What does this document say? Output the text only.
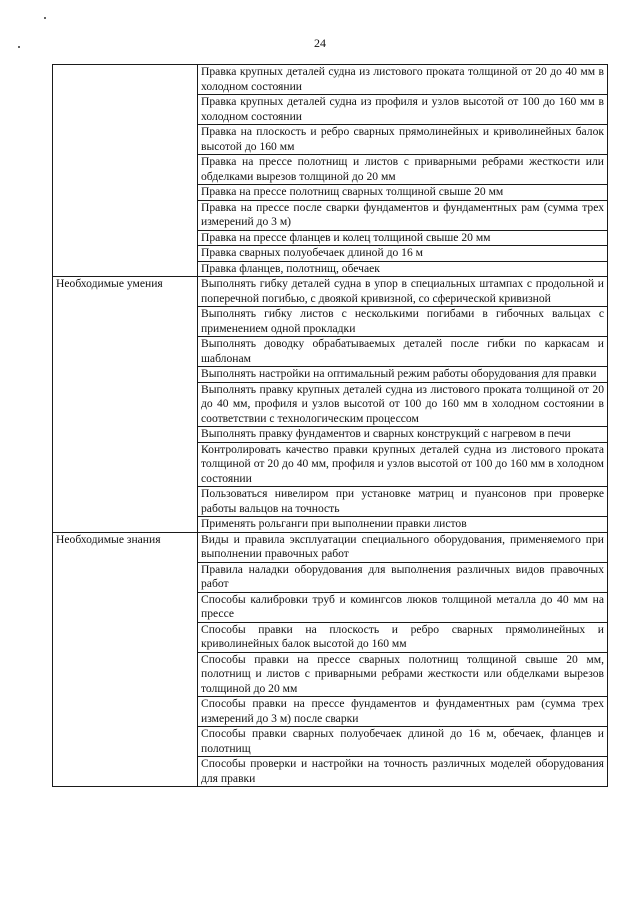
24
	Правка крупных деталей судна из листового проката толщиной от 20 до 40 мм в холодном состоянии
	Правка крупных деталей судна из профиля и узлов высотой от 100 до 160 мм в холодном состоянии
	Правка на плоскость и ребро сварных прямолинейных и криволинейных балок высотой до 160 мм
	Правка на прессе полотнищ и листов с приварными ребрами жесткости или обделками вырезов толщиной до 20 мм
	Правка на прессе полотнищ сварных толщиной свыше 20 мм
	Правка на прессе после сварки фундаментов и фундаментных рам (сумма трех измерений до 3 м)
	Правка на прессе фланцев и колец толщиной свыше 20 мм
	Правка сварных полуобечаек длиной до 16 м
	Правка фланцев, полотнищ, обечаек
Необходимые умения	Выполнять гибку деталей судна в упор в специальных штампах с продольной и поперечной погибью, с двоякой кривизной, со сферической кривизной
	Выполнять гибку листов с несколькими погибами в гибочных вальцах с применением одной прокладки
	Выполнять доводку обрабатываемых деталей после гибки по каркасам и шаблонам
	Выполнять настройки на оптимальный режим работы оборудования для правки
	Выполнять правку крупных деталей судна из листового проката толщиной от 20 до 40 мм, профиля и узлов высотой от 100 до 160 мм в холодном состоянии в соответствии с технологическим процессом
	Выполнять правку фундаментов и сварных конструкций с нагревом в печи
	Контролировать качество правки крупных деталей судна из листового проката толщиной от 20 до 40 мм, профиля и узлов высотой от 100 до 160 мм в холодном состоянии
	Пользоваться нивелиром при установке матриц и пуансонов при проверке работы вальцов на точность
	Применять рольганги при выполнении правки листов
Необходимые знания	Виды и правила эксплуатации специального оборудования, применяемого при выполнении правочных работ
	Правила наладки оборудования для выполнения различных видов правочных работ
	Способы калибровки труб и комингсов люков толщиной металла до 40 мм на прессе
	Способы правки на плоскость и ребро сварных прямолинейных и криволинейных балок высотой до 160 мм
	Способы правки на прессе сварных полотнищ толщиной свыше 20 мм, полотнищ и листов с приварными ребрами жесткости или обделками вырезов толщиной до 20 мм
	Способы правки на прессе фундаментов и фундаментных рам (сумма трех измерений до 3 м) после сварки
	Способы правки сварных полуобечаек длиной до 16 м, обечаек, фланцев и полотнищ
	Способы проверки и настройки на точность различных моделей оборудования для правки
